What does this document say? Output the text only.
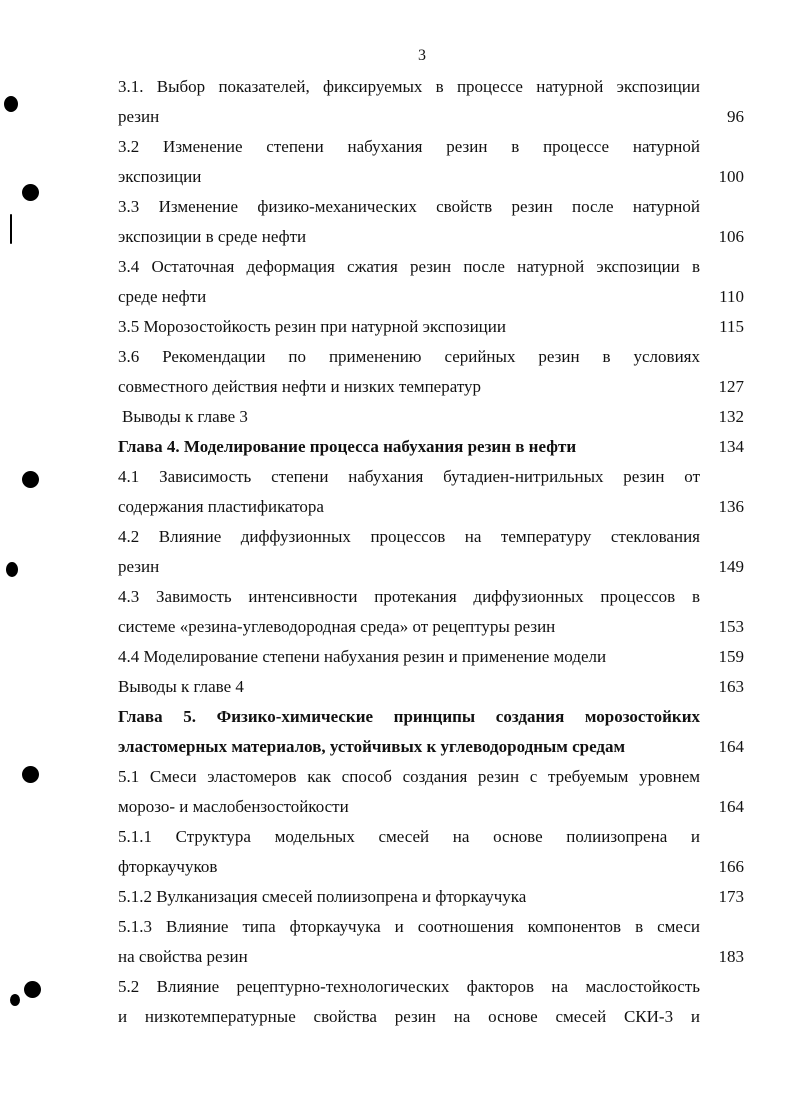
3
3.1. Выбор показателей, фиксируемых в процессе натурной экспозиции
резин	96
3.2 Изменение степени набухания резин в процессе натурной
экспозиции	100
3.3 Изменение физико-механических свойств резин после натурной
экспозиции в среде нефти	106
3.4 Остаточная деформация сжатия резин после натурной экспозиции в
среде нефти	110
3.5 Морозостойкость резин при натурной экспозиции	115
3.6 Рекомендации по применению серийных резин в условиях
совместного действия нефти и низких температур	127
Выводы к главе 3	132
Глава 4. Моделирование процесса набухания резин в нефти	134
4.1 Зависимость степени набухания бутадиен-нитрильных резин от
содержания пластификатора	136
4.2 Влияние диффузионных процессов на температуру стеклования
резин	149
4.3 Завимость интенсивности протекания диффузионных процессов в
системе «резина-углеводородная среда» от рецептуры резин	153
4.4 Моделирование степени набухания резин и применение модели	159
Выводы к главе 4	163
Глава 5. Физико-химические принципы создания морозостойких
эластомерных материалов, устойчивых к углеводородным средам	164
5.1 Смеси эластомеров как способ создания резин с требуемым уровнем
морозо- и маслобензостойкости	164
5.1.1 Структура модельных смесей на основе полиизопрена и
фторкаучуков	166
5.1.2 Вулканизация смесей полиизопрена и фторкаучука	173
5.1.3 Влияние типа фторкаучука и соотношения компонентов в смеси
на свойства резин	183
5.2 Влияние рецептурно-технологических факторов на маслостойкость
и низкотемпературные свойства резин на основе смесей СКИ-3 и
